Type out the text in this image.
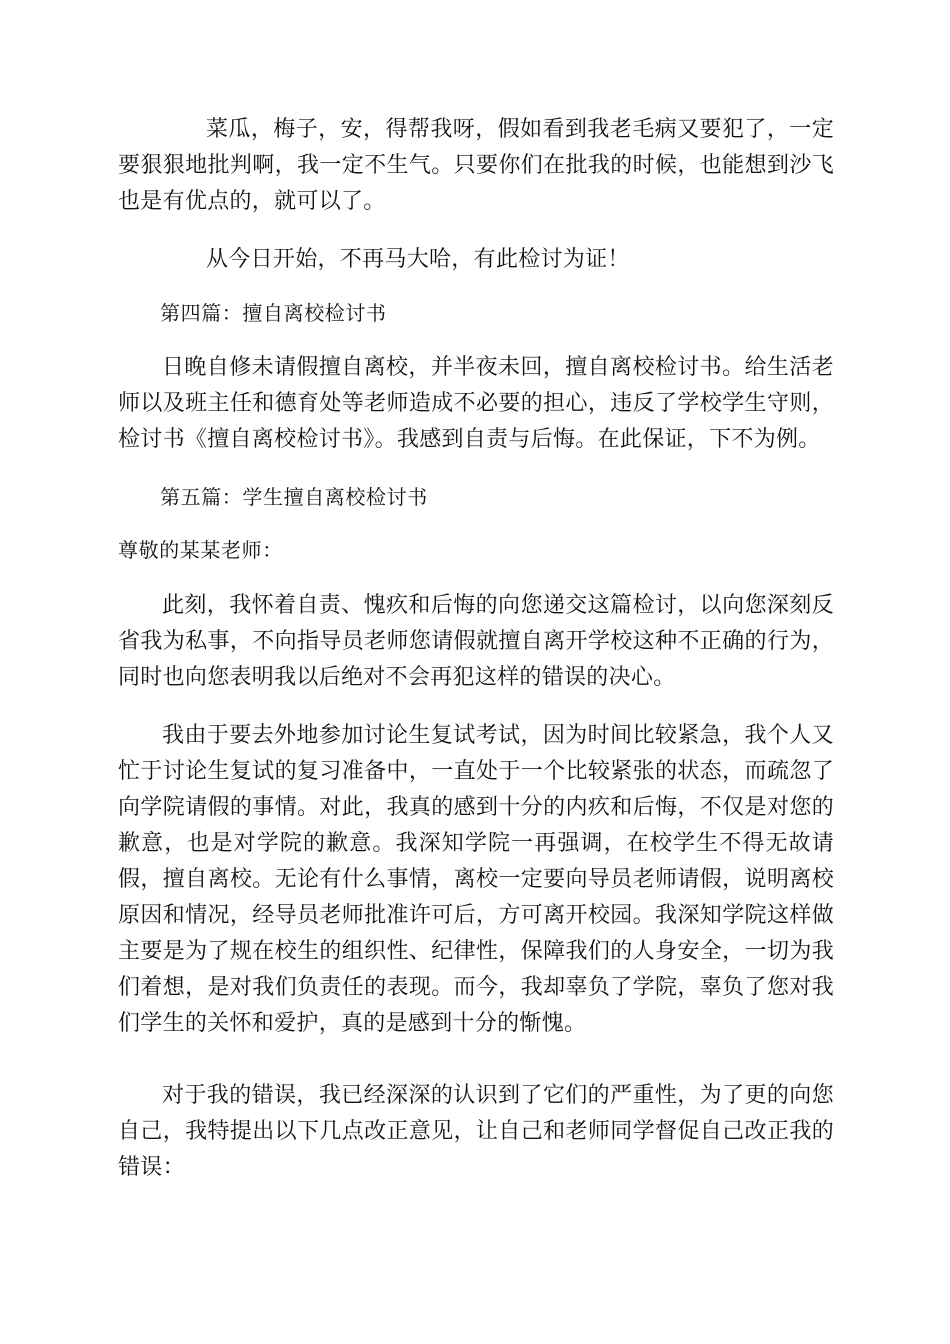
菜瓜，梅子，安，得帮我呀，假如看到我老毛病又要犯了，一定要狠狠地批判啊，我一定不生气。只要你们在批我的时候，也能想到沙飞也是有优点的，就可以了。

从今日开始，不再马大哈，有此检讨为证！

第四篇：擅自离校检讨书

日晚自修未请假擅自离校，并半夜未回，擅自离校检讨书。给生活老师以及班主任和德育处等老师造成不必要的担心，违反了学校学生守则，检讨书《擅自离校检讨书》。我感到自责与后悔。在此保证，下不为例。

第五篇：学生擅自离校检讨书

尊敬的某某老师：

此刻，我怀着自责、愧疚和后悔的向您递交这篇检讨，以向您深刻反省我为私事，不向指导员老师您请假就擅自离开学校这种不正确的行为，同时也向您表明我以后绝对不会再犯这样的错误的决心。

我由于要去外地参加讨论生复试考试，因为时间比较紧急，我个人又忙于讨论生复试的复习准备中，一直处于一个比较紧张的状态，而疏忽了向学院请假的事情。对此，我真的感到十分的内疚和后悔，不仅是对您的歉意，也是对学院的歉意。我深知学院一再强调，在校学生不得无故请假，擅自离校。无论有什么事情，离校一定要向导员老师请假，说明离校原因和情况，经导员老师批准许可后，方可离开校园。我深知学院这样做主要是为了规在校生的组织性、纪律性，保障我们的人身安全，一切为我们着想，是对我们负责任的表现。而今，我却辜负了学院，辜负了您对我们学生的关怀和爱护，真的是感到十分的惭愧。

对于我的错误，我已经深深的认识到了它们的严重性，为了更的向您自己，我特提出以下几点改正意见，让自己和老师同学督促自己改正我的错误：
